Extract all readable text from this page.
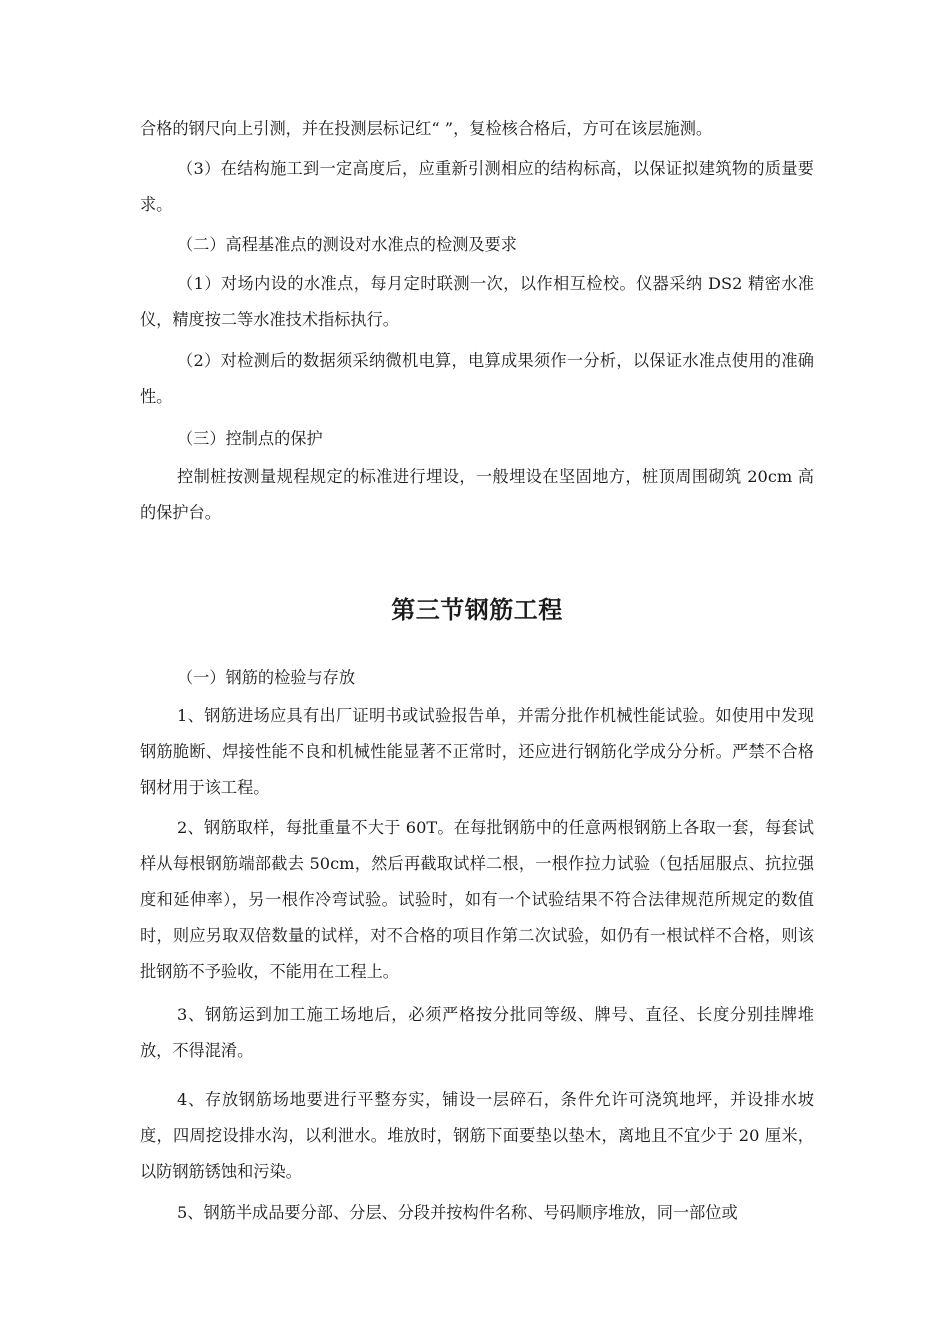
合格的钢尺向上引测，并在投测层标记红“ ”，复检核合格后，方可在该层施测。

（3）在结构施工到一定高度后，应重新引测相应的结构标高，以保证拟建筑物的质量要求。

（二）高程基准点的测设对水准点的检测及要求

（1）对场内设的水准点，每月定时联测一次，以作相互检校。仪器采纳 DS2 精密水准仪，精度按二等水准技术指标执行。

（2）对检测后的数据须采纳微机电算，电算成果须作一分析，以保证水准点使用的准确性。

（三）控制点的保护

控制桩按测量规程规定的标准进行埋设，一般埋设在坚固地方，桩顶周围砌筑 20cm 高的保护台。

第三节钢筋工程

（一）钢筋的检验与存放

1、钢筋进场应具有出厂证明书或试验报告单，并需分批作机械性能试验。如使用中发现钢筋脆断、焊接性能不良和机械性能显著不正常时，还应进行钢筋化学成分分析。严禁不合格钢材用于该工程。

2、钢筋取样，每批重量不大于 60T。在每批钢筋中的任意两根钢筋上各取一套，每套试样从每根钢筋端部截去 50cm，然后再截取试样二根，一根作拉力试验（包括屈服点、抗拉强度和延伸率），另一根作冷弯试验。试验时，如有一个试验结果不符合法律规范所规定的数值时，则应另取双倍数量的试样，对不合格的项目作第二次试验，如仍有一根试样不合格，则该批钢筋不予验收，不能用在工程上。

3、钢筋运到加工施工场地后，必须严格按分批同等级、牌号、直径、长度分别挂牌堆放，不得混淆。

4、存放钢筋场地要进行平整夯实，铺设一层碎石，条件允许可浇筑地坪，并设排水坡度，四周挖设排水沟，以利泄水。堆放时，钢筋下面要垫以垫木，离地且不宜少于 20 厘米，以防钢筋锈蚀和污染。

5、钢筋半成品要分部、分层、分段并按构件名称、号码顺序堆放，同一部位或
